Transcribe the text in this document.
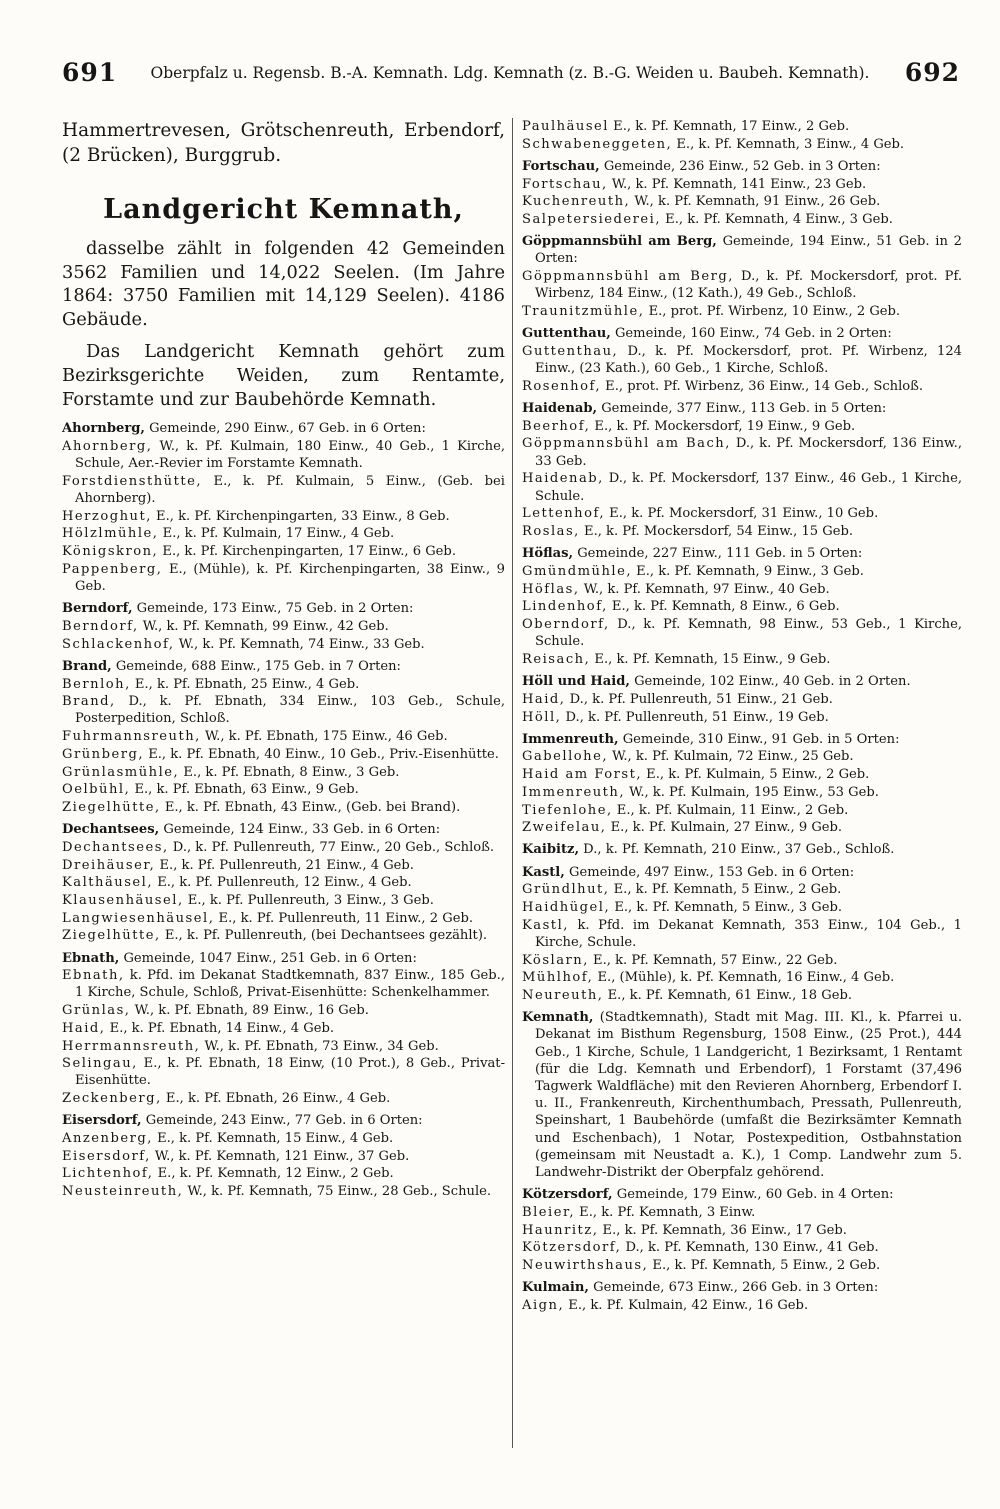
691	Oberpfalz u. Regensb. B.-A. Kemnath. Ldg. Kemnath (z. B.-G. Weiden u. Baubeh. Kemnath).	692

Hammertrevesen, Grötschenreuth, Erbendorf, (2 Brücken), Burggrub.

Landgericht Kemnath,

dasselbe zählt in folgenden 42 Gemeinden 3562 Familien und 14,022 Seelen. (Im Jahre 1864: 3750 Familien mit 14,129 Seelen). 4186 Gebäude.

Das Landgericht Kemnath gehört zum Bezirksgerichte Weiden, zum Rentamte, Forstamte und zur Baubehörde Kemnath.

Ahornberg, Gemeinde, 290 Einw., 67 Geb. in 6 Orten:

Ahornberg, W., k. Pf. Kulmain, 180 Einw., 40 Geb., 1 Kirche, Schule, Aer.-Revier im Forstamte Kemnath.

Forstdiensthütte, E., k. Pf. Kulmain, 5 Einw., (Geb. bei Ahornberg).

Herzoghut, E., k. Pf. Kirchenpingarten, 33 Einw., 8 Geb.

Hölzlmühle, E., k. Pf. Kulmain, 17 Einw., 4 Geb.

Königskron, E., k. Pf. Kirchenpingarten, 17 Einw., 6 Geb.

Pappenberg, E., (Mühle), k. Pf. Kirchenpingarten, 38 Einw., 9 Geb.

Berndorf, Gemeinde, 173 Einw., 75 Geb. in 2 Orten:

Berndorf, W., k. Pf. Kemnath, 99 Einw., 42 Geb.

Schlackenhof, W., k. Pf. Kemnath, 74 Einw., 33 Geb.

Brand, Gemeinde, 688 Einw., 175 Geb. in 7 Orten:

Bernloh, E., k. Pf. Ebnath, 25 Einw., 4 Geb.

Brand, D., k. Pf. Ebnath, 334 Einw., 103 Geb., Schule, Posterpedition, Schloß.

Fuhrmannsreuth, W., k. Pf. Ebnath, 175 Einw., 46 Geb.

Grünberg, E., k. Pf. Ebnath, 40 Einw., 10 Geb., Priv.-Eisenhütte.

Grünlasmühle, E., k. Pf. Ebnath, 8 Einw., 3 Geb.

Oelbühl, E., k. Pf. Ebnath, 63 Einw., 9 Geb.

Ziegelhütte, E., k. Pf. Ebnath, 43 Einw., (Geb. bei Brand).

Dechantsees, Gemeinde, 124 Einw., 33 Geb. in 6 Orten:

Dechantsees, D., k. Pf. Pullenreuth, 77 Einw., 20 Geb., Schloß.

Dreihäuser, E., k. Pf. Pullenreuth, 21 Einw., 4 Geb.

Kalthäusel, E., k. Pf. Pullenreuth, 12 Einw., 4 Geb.

Klausenhäusel, E., k. Pf. Pullenreuth, 3 Einw., 3 Geb.

Langwiesenhäusel, E., k. Pf. Pullenreuth, 11 Einw., 2 Geb.

Ziegelhütte, E., k. Pf. Pullenreuth, (bei Dechantsees gezählt).

Ebnath, Gemeinde, 1047 Einw., 251 Geb. in 6 Orten:

Ebnath, k. Pfd. im Dekanat Stadtkemnath, 837 Einw., 185 Geb., 1 Kirche, Schule, Schloß, Privat-Eisenhütte: Schenkelhammer.

Grünlas, W., k. Pf. Ebnath, 89 Einw., 16 Geb.

Haid, E., k. Pf. Ebnath, 14 Einw., 4 Geb.

Herrmannsreuth, W., k. Pf. Ebnath, 73 Einw., 34 Geb.

Selingau, E., k. Pf. Ebnath, 18 Einw, (10 Prot.), 8 Geb., Privat-Eisenhütte.

Zeckenberg, E., k. Pf. Ebnath, 26 Einw., 4 Geb.

Eisersdorf, Gemeinde, 243 Einw., 77 Geb. in 6 Orten:

Anzenberg, E., k. Pf. Kemnath, 15 Einw., 4 Geb.

Eisersdorf, W., k. Pf. Kemnath, 121 Einw., 37 Geb.

Lichtenhof, E., k. Pf. Kemnath, 12 Einw., 2 Geb.

Neusteinreuth, W., k. Pf. Kemnath, 75 Einw., 28 Geb., Schule.

Paulhäusel E., k. Pf. Kemnath, 17 Einw., 2 Geb.

Schwabeneggeten, E., k. Pf. Kemnath, 3 Einw., 4 Geb.

Fortschau, Gemeinde, 236 Einw., 52 Geb. in 3 Orten:

Fortschau, W., k. Pf. Kemnath, 141 Einw., 23 Geb.

Kuchenreuth, W., k. Pf. Kemnath, 91 Einw., 26 Geb.

Salpetersiederei, E., k. Pf. Kemnath, 4 Einw., 3 Geb.

Göppmannsbühl am Berg, Gemeinde, 194 Einw., 51 Geb. in 2 Orten:

Göppmannsbühl am Berg, D., k. Pf. Mockersdorf, prot. Pf. Wirbenz, 184 Einw., (12 Kath.), 49 Geb., Schloß.

Traunitzmühle, E., prot. Pf. Wirbenz, 10 Einw., 2 Geb.

Guttenthau, Gemeinde, 160 Einw., 74 Geb. in 2 Orten:

Guttenthau, D., k. Pf. Mockersdorf, prot. Pf. Wirbenz, 124 Einw., (23 Kath.), 60 Geb., 1 Kirche, Schloß.

Rosenhof, E., prot. Pf. Wirbenz, 36 Einw., 14 Geb., Schloß.

Haidenab, Gemeinde, 377 Einw., 113 Geb. in 5 Orten:

Beerhof, E., k. Pf. Mockersdorf, 19 Einw., 9 Geb.

Göppmannsbühl am Bach, D., k. Pf. Mockersdorf, 136 Einw., 33 Geb.

Haidenab, D., k. Pf. Mockersdorf, 137 Einw., 46 Geb., 1 Kirche, Schule.

Lettenhof, E., k. Pf. Mockersdorf, 31 Einw., 10 Geb.

Roslas, E., k. Pf. Mockersdorf, 54 Einw., 15 Geb.

Höflas, Gemeinde, 227 Einw., 111 Geb. in 5 Orten:

Gmündmühle, E., k. Pf. Kemnath, 9 Einw., 3 Geb.

Höflas, W., k. Pf. Kemnath, 97 Einw., 40 Geb.

Lindenhof, E., k. Pf. Kemnath, 8 Einw., 6 Geb.

Oberndorf, D., k. Pf. Kemnath, 98 Einw., 53 Geb., 1 Kirche, Schule.

Reisach, E., k. Pf. Kemnath, 15 Einw., 9 Geb.

Höll und Haid, Gemeinde, 102 Einw., 40 Geb. in 2 Orten.

Haid, D., k. Pf. Pullenreuth, 51 Einw., 21 Geb.

Höll, D., k. Pf. Pullenreuth, 51 Einw., 19 Geb.

Immenreuth, Gemeinde, 310 Einw., 91 Geb. in 5 Orten:

Gabellohe, W., k. Pf. Kulmain, 72 Einw., 25 Geb.

Haid am Forst, E., k. Pf. Kulmain, 5 Einw., 2 Geb.

Immenreuth, W., k. Pf. Kulmain, 195 Einw., 53 Geb.

Tiefenlohe, E., k. Pf. Kulmain, 11 Einw., 2 Geb.

Zweifelau, E., k. Pf. Kulmain, 27 Einw., 9 Geb.

Kaibitz, D., k. Pf. Kemnath, 210 Einw., 37 Geb., Schloß.

Kastl, Gemeinde, 497 Einw., 153 Geb. in 6 Orten:

Gründlhut, E., k. Pf. Kemnath, 5 Einw., 2 Geb.

Haidhügel, E., k. Pf. Kemnath, 5 Einw., 3 Geb.

Kastl, k. Pfd. im Dekanat Kemnath, 353 Einw., 104 Geb., 1 Kirche, Schule.

Köslarn, E., k. Pf. Kemnath, 57 Einw., 22 Geb.

Mühlhof, E., (Mühle), k. Pf. Kemnath, 16 Einw., 4 Geb.

Neureuth, E., k. Pf. Kemnath, 61 Einw., 18 Geb.

Kemnath, (Stadtkemnath), Stadt mit Mag. III. Kl., k. Pfarrei u. Dekanat im Bisthum Regensburg, 1508 Einw., (25 Prot.), 444 Geb., 1 Kirche, Schule, 1 Landgericht, 1 Bezirksamt, 1 Rentamt (für die Ldg. Kemnath und Erbendorf), 1 Forstamt (37,496 Tagwerk Waldfläche) mit den Revieren Ahornberg, Erbendorf I. u. II., Frankenreuth, Kirchenthumbach, Pressath, Pullenreuth, Speinshart, 1 Baubehörde (umfaßt die Bezirksämter Kemnath und Eschenbach), 1 Notar, Postexpedition, Ostbahnstation (gemeinsam mit Neustadt a. K.), 1 Comp. Landwehr zum 5. Landwehr-Distrikt der Oberpfalz gehörend.

Kötzersdorf, Gemeinde, 179 Einw., 60 Geb. in 4 Orten:

Bleier, E., k. Pf. Kemnath, 3 Einw.

Haunritz, E., k. Pf. Kemnath, 36 Einw., 17 Geb.

Kötzersdorf, D., k. Pf. Kemnath, 130 Einw., 41 Geb.

Neuwirthshaus, E., k. Pf. Kemnath, 5 Einw., 2 Geb.

Kulmain, Gemeinde, 673 Einw., 266 Geb. in 3 Orten:

Aign, E., k. Pf. Kulmain, 42 Einw., 16 Geb.
